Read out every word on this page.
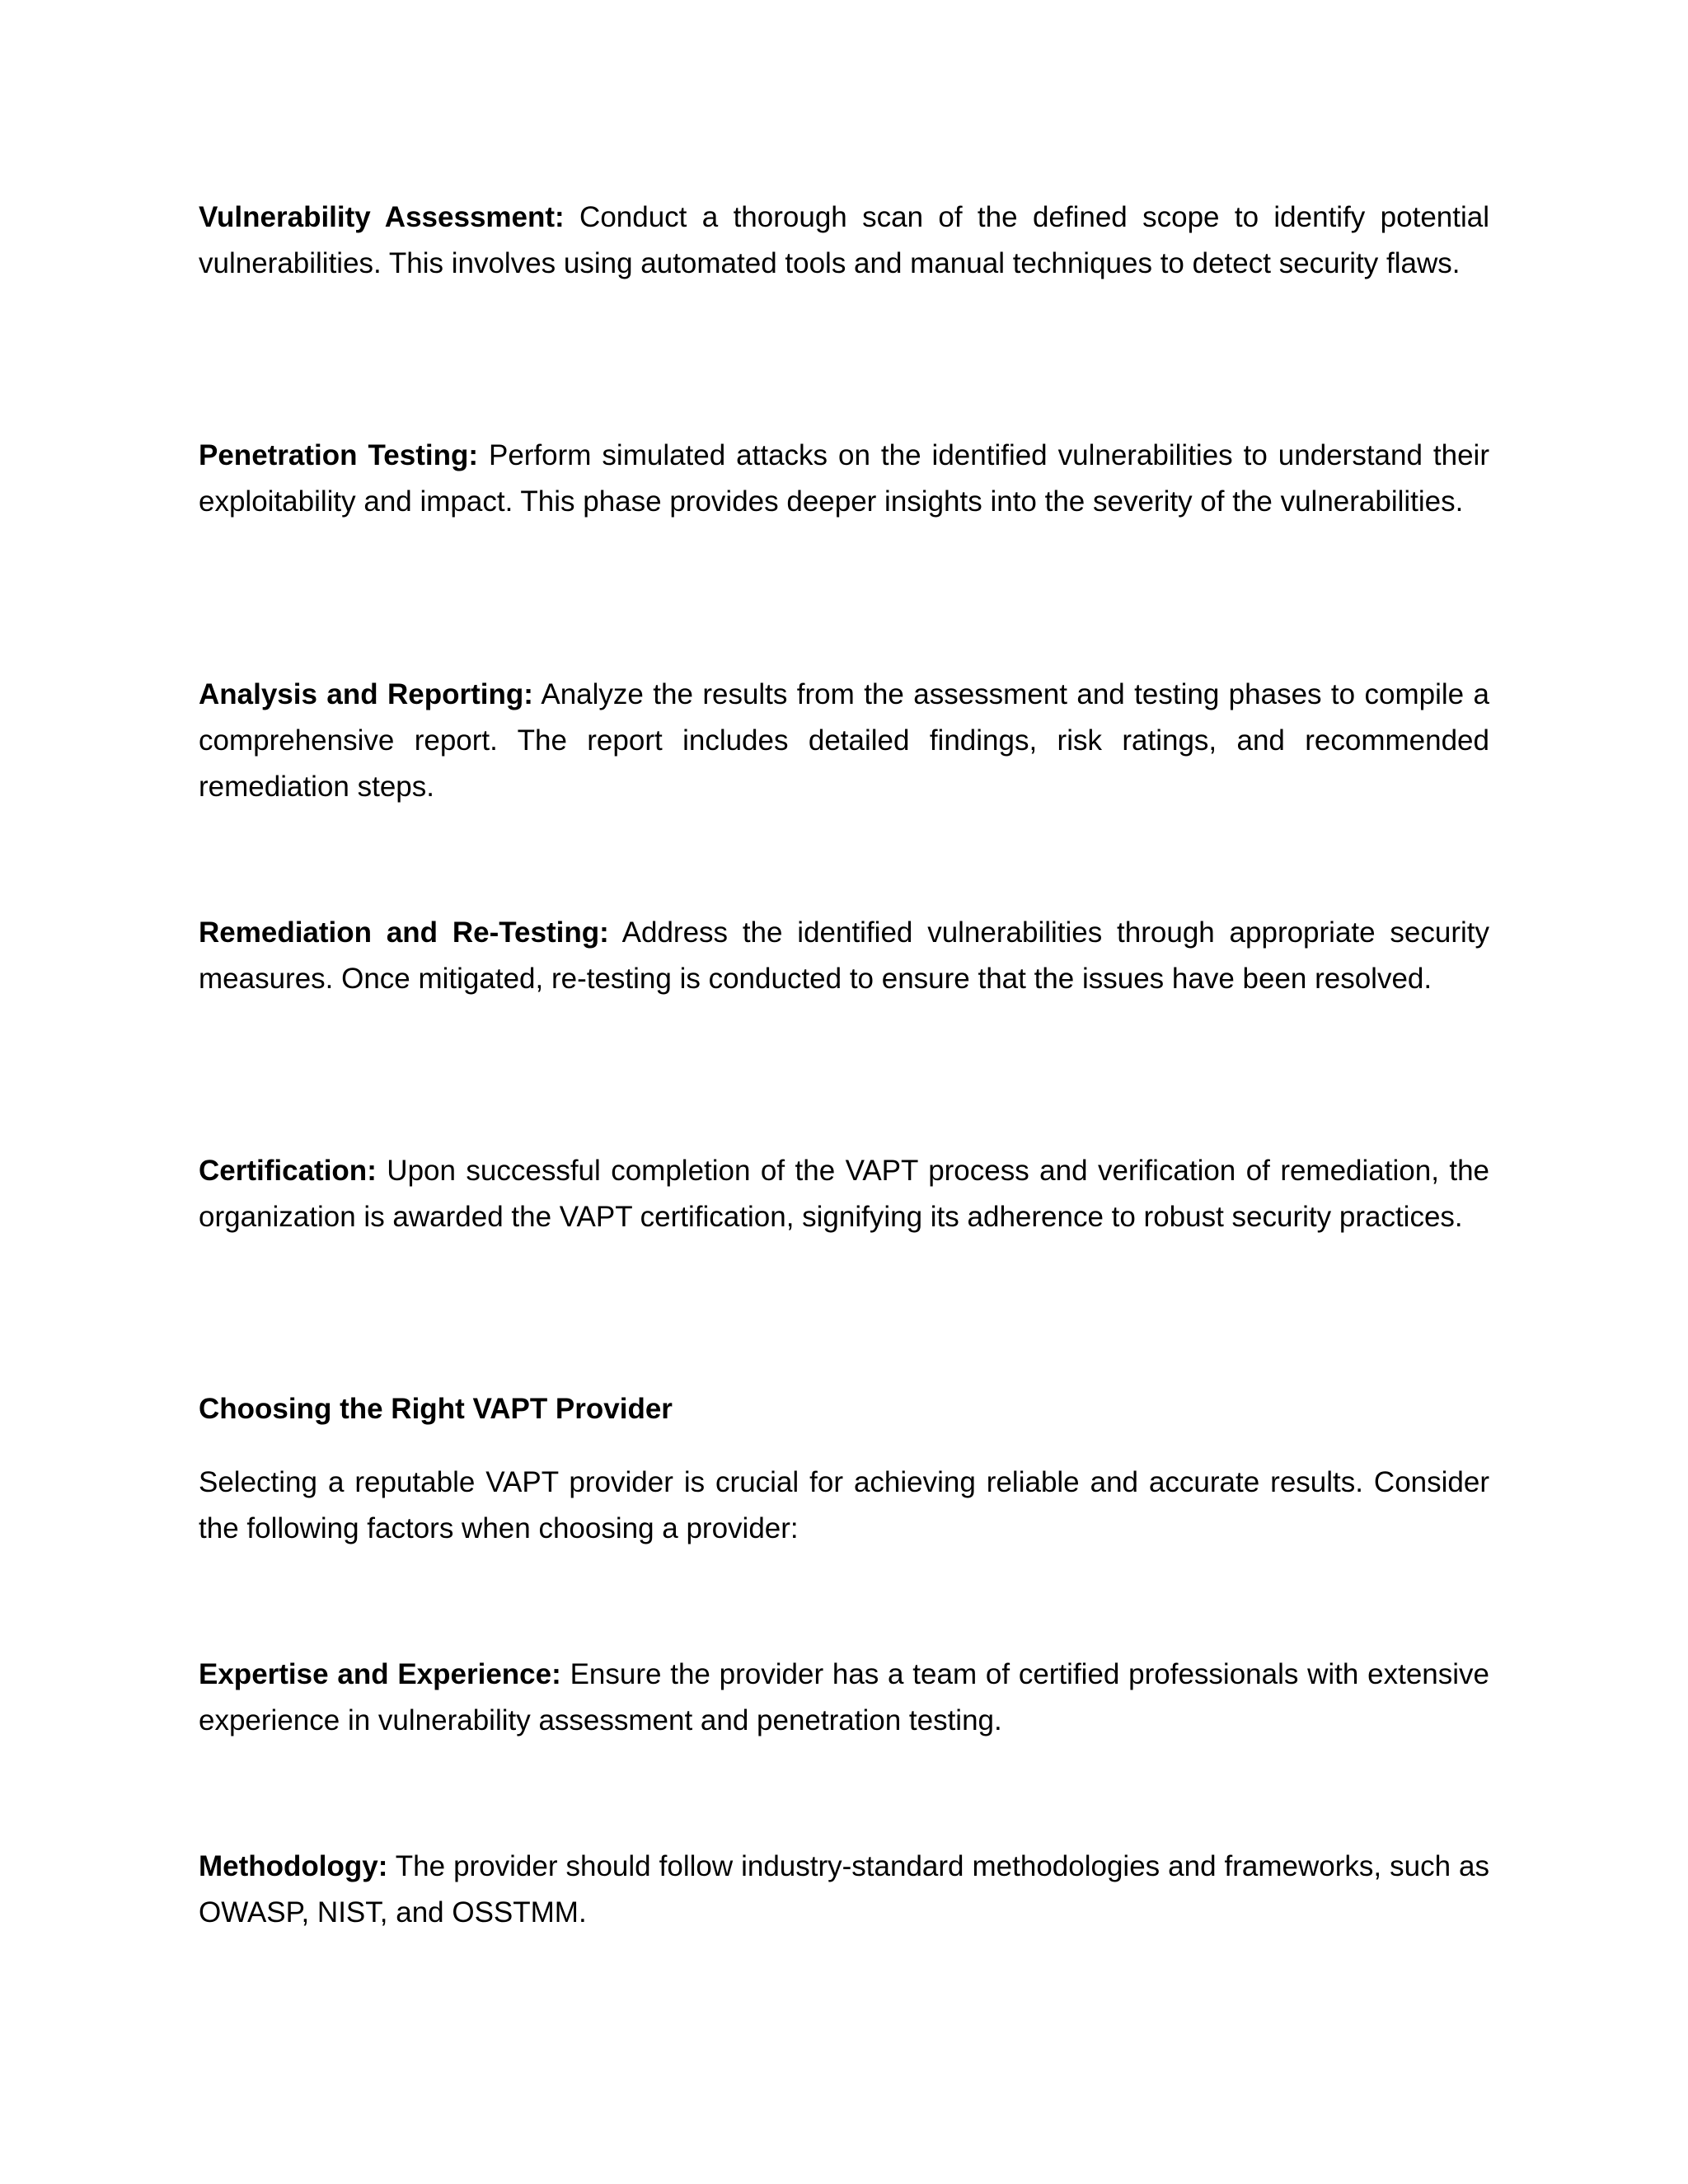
Vulnerability Assessment: Conduct a thorough scan of the defined scope to identify potential vulnerabilities. This involves using automated tools and manual techniques to detect security flaws.

Penetration Testing: Perform simulated attacks on the identified vulnerabilities to understand their exploitability and impact. This phase provides deeper insights into the severity of the vulnerabilities.

Analysis and Reporting: Analyze the results from the assessment and testing phases to compile a comprehensive report. The report includes detailed findings, risk ratings, and recommended remediation steps.

Remediation and Re-Testing: Address the identified vulnerabilities through appropriate security measures. Once mitigated, re-testing is conducted to ensure that the issues have been resolved.

Certification: Upon successful completion of the VAPT process and verification of remediation, the organization is awarded the VAPT certification, signifying its adherence to robust security practices.

Choosing the Right VAPT Provider

Selecting a reputable VAPT provider is crucial for achieving reliable and accurate results. Consider the following factors when choosing a provider:

Expertise and Experience: Ensure the provider has a team of certified professionals with extensive experience in vulnerability assessment and penetration testing.

Methodology: The provider should follow industry-standard methodologies and frameworks, such as OWASP, NIST, and OSSTMM.
